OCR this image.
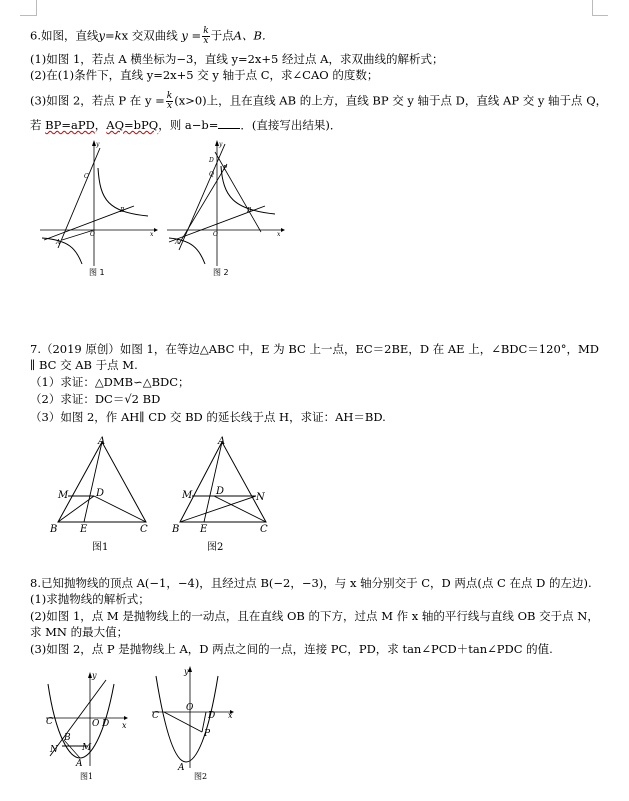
6.如图，直线y=kx 交双曲线 $y = \frac{k}{x}$ 于点A、B．
(1)如图 1，若点 A 横坐标为−3，直线 y=2x+5 经过点 A，求双曲线的解析式；
(2)在(1)条件下，直线 y=2x+5 交 y 轴于点 C，求∠CAO 的度数；
(3)如图 2，若点 P 在 $y = \frac{k}{x} (x>0)$上，且在直线 AB 的上方，直线 BP 交 y 轴于点 D，直线 AP 交 y 轴于点 Q，
若 BP=aPD，AQ=bPQ，则 a−b= ．(直接写出结果)．
A
B
C
O	x
y
图 1
A
B
D
Q
P
O	x
y
图 2
7.（2019 原创）如图 1，在等边△ABC 中，E 为 BC 上一点，EC＝2BE，D 在 AE 上，∠BDC＝120°，MD
∥ BC 交 AB 于点 M.
（1）求证：△DMB∽△BDC；
（2）求证：DC＝√2 BD
（3）如图 2，作 AH∥ CD 交 BD 的延长线于点 H，求证：AH＝BD.
A
M	D
B E	C
图1
A
M D
N
B E	C
图2
8.已知抛物线的顶点 A(−1，−4)，且经过点 B(−2，−3)，与 x 轴分别交于 C，D 两点(点 C 在点 D 的左边).
(1)求抛物线的解析式；
(2)如图 1，点 M 是抛物线上的一动点，且在直线 OB 的下方，过点 M 作 x 轴的平行线与直线 OB 交于点 N，
求 MN 的最大值；
(3)如图 2，点 P 是抛物线上 A，D 两点之间的一点，连接 PC，PD，求 tan∠PCD＋tan∠PDC 的值.
y
x
C	O D
B
N	M
A
图1
y
x
C
O
D
P
A
图2
